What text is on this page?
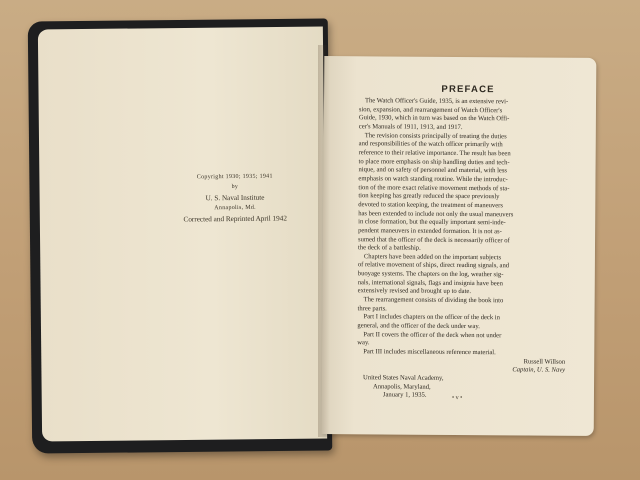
Copyright 1930; 1935; 1941
by
U. S. Naval Institute
Annapolis, Md.
Corrected and Reprinted April 1942
PREFACE
The Watch Officer's Guide, 1935, is an extensive revi-
sion, expansion, and rearrangement of Watch Officer's
Guide, 1930, which in turn was based on the Watch Offi-
cer's Manuals of 1911, 1913, and 1917.
The revision consists principally of treating the duties
and responsibilities of the watch officer primarily with
reference to their relative importance. The result has been
to place more emphasis on ship handling duties and tech-
nique, and on safety of personnel and material, with less
emphasis on watch standing routine. While the introduc-
tion of the more exact relative movement methods of sta-
tion keeping has greatly reduced the space previously
devoted to station keeping, the treatment of maneuvers
has been extended to include not only the usual maneuvers
in close formation, but the equally important semi-inde-
pendent maneuvers in extended formation. It is not as-
sumed that the officer of the deck is necessarily officer of
the deck of a battleship.
Chapters have been added on the important subjects
of relative movement of ships, direct reading signals, and
buoyage systems. The chapters on the log, weather sig-
nals, international signals, flags and insignia have been
extensively revised and brought up to date.
The rearrangement consists of dividing the book into
three parts.
Part I includes chapters on the officer of the deck in
general, and the officer of the deck under way.
Part II covers the officer of the deck when not under
way.
Part III includes miscellaneous reference material.
Russell Willson
Captain, U. S. Navy
United States Naval Academy,
Annapolis, Maryland,
January 1, 1935.	• v •
